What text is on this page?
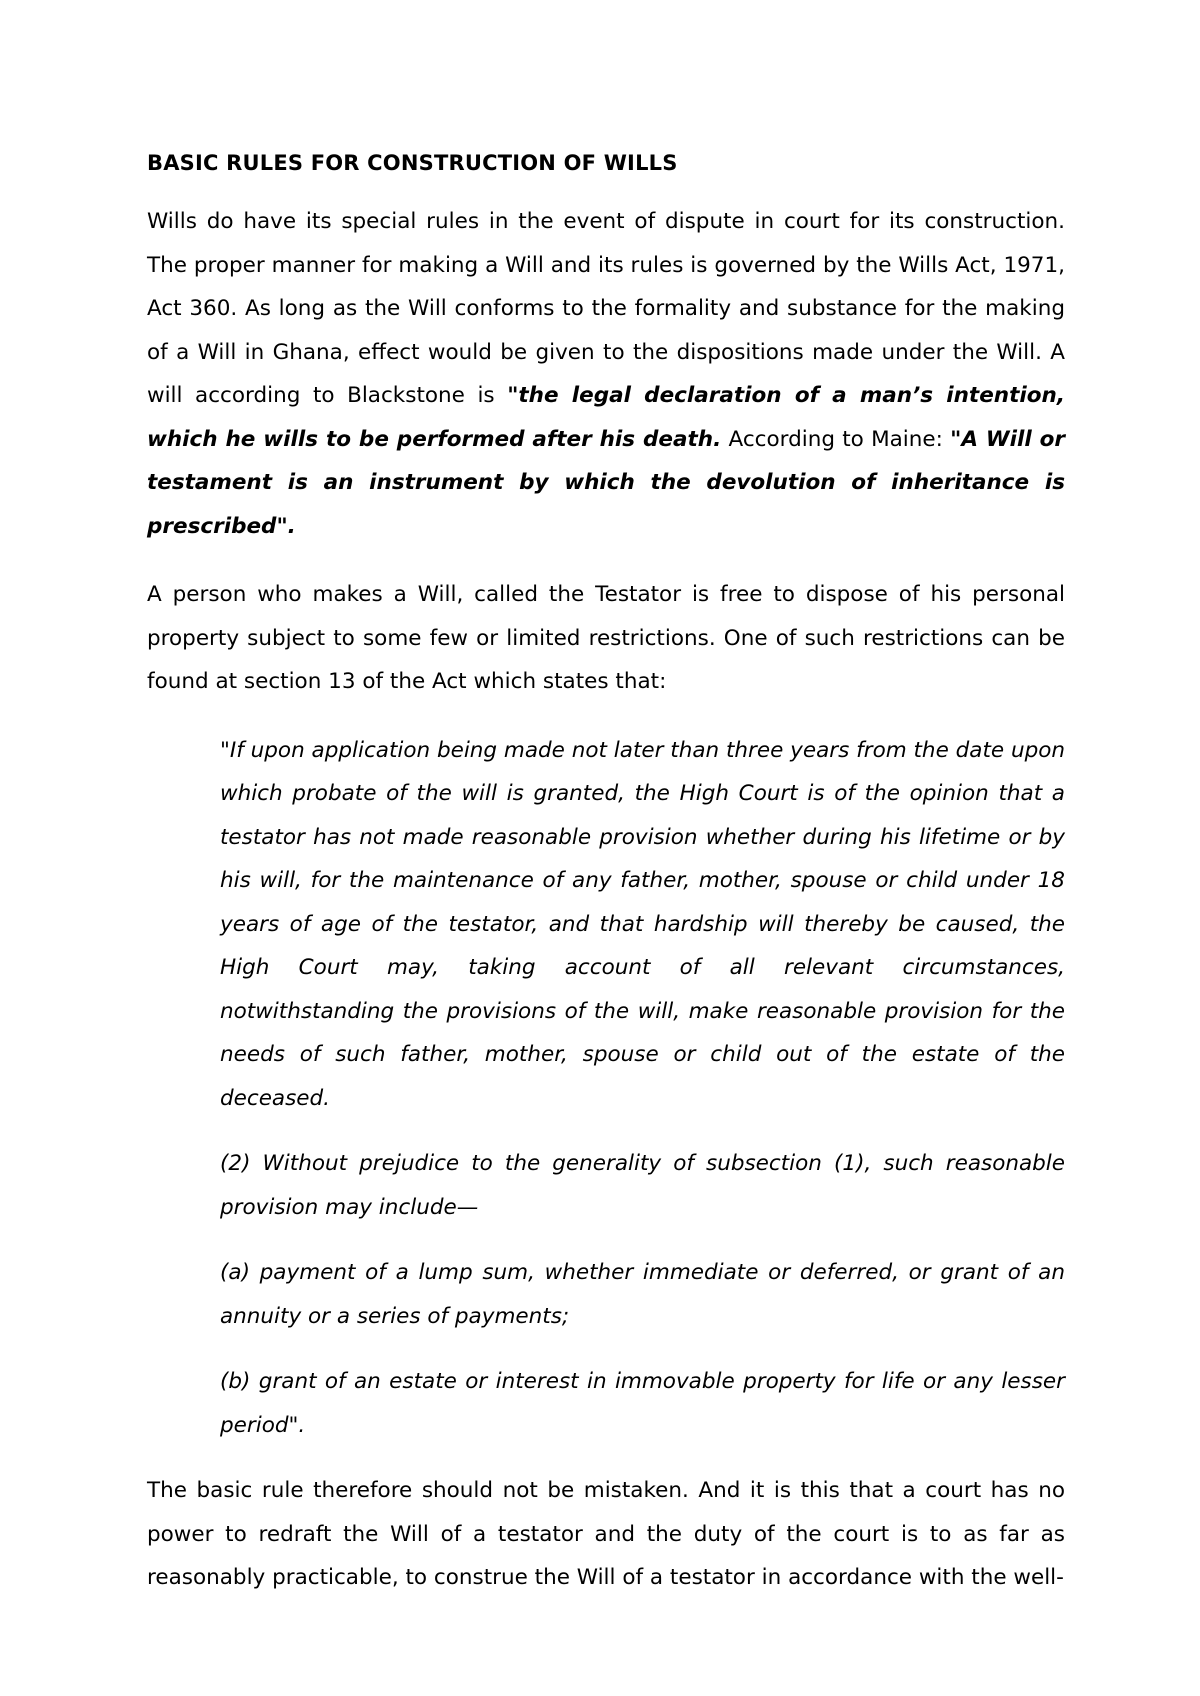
BASIC RULES FOR CONSTRUCTION OF WILLS

Wills do have its special rules in the event of dispute in court for its construction. The proper manner for making a Will and its rules is governed by the Wills Act, 1971, Act 360. As long as the Will conforms to the formality and substance for the making of a Will in Ghana, effect would be given to the dispositions made under the Will. A will according to Blackstone is "the legal declaration of a man’s intention, which he wills to be performed after his death. According to Maine: "A Will or testament is an instrument by which the devolution of inheritance is prescribed".

A person who makes a Will, called the Testator is free to dispose of his personal property subject to some few or limited restrictions. One of such restrictions can be found at section 13 of the Act which states that:

"If upon application being made not later than three years from the date upon which probate of the will is granted, the High Court is of the opinion that a testator has not made reasonable provision whether during his lifetime or by his will, for the maintenance of any father, mother, spouse or child under 18 years of age of the testator, and that hardship will thereby be caused, the High Court may, taking account of all relevant circumstances, notwithstanding the provisions of the will, make reasonable provision for the needs of such father, mother, spouse or child out of the estate of the deceased.

(2) Without prejudice to the generality of subsection (1), such reasonable provision may include—

(a) payment of a lump sum, whether immediate or deferred, or grant of an annuity or a series of payments;

(b) grant of an estate or interest in immovable property for life or any lesser period".

The basic rule therefore should not be mistaken. And it is this that a court has no power to redraft the Will of a testator and the duty of the court is to as far as reasonably practicable, to construe the Will of a testator in accordance with the well-
